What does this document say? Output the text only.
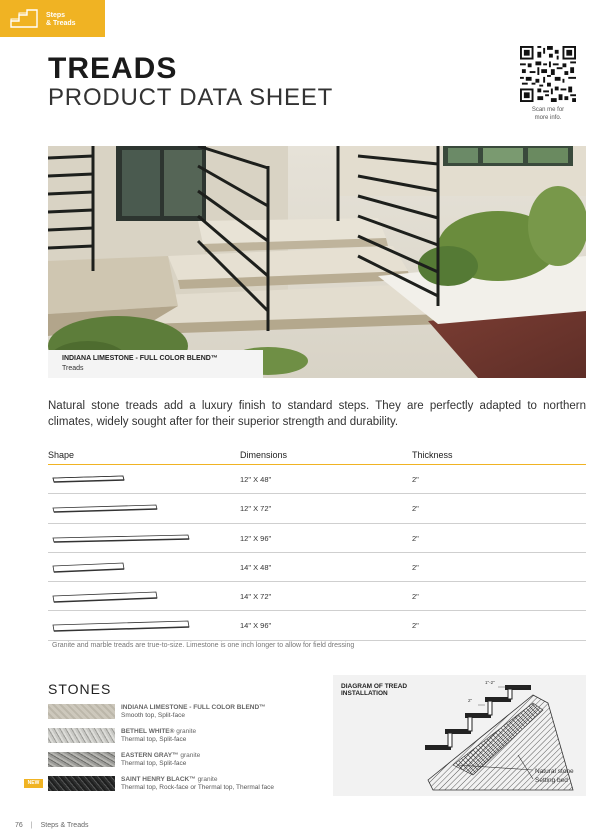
Steps
& Treads
TREADS
PRODUCT DATA SHEET	Scan me for
more info.
INDIANA LIMESTONE - FULL COLOR BLEND™
Treads

Natural stone treads add a luxury finish to standard steps. They are perfectly adapted to northern climates, widely sought after for their superior strength and durability.

Shape	Dimensions	Thickness
12" X 48"	2"
12" X 72"	2"
12" X 96"	2"
14" X 48"	2"
14" X 72"	2"
14" X 96"	2"
Granite and marble treads are true-to-size. Limestone is one inch longer to allow for field dressing
STONES
INDIANA LIMESTONE - FULL COLOR BLEND™
Smooth top, Split-face
BETHEL WHITE® granite
Thermal top, Split-face
EASTERN GRAY™ granite
Thermal top, Split-face
NEW	SAINT HENRY BLACK™ granite
Thermal top, Rock-face or Thermal top, Thermal face
DIAGRAM OF TREAD
INSTALLATION
1"-2"
2"
Natural stone
Setting bed
76 | Steps & Treads
